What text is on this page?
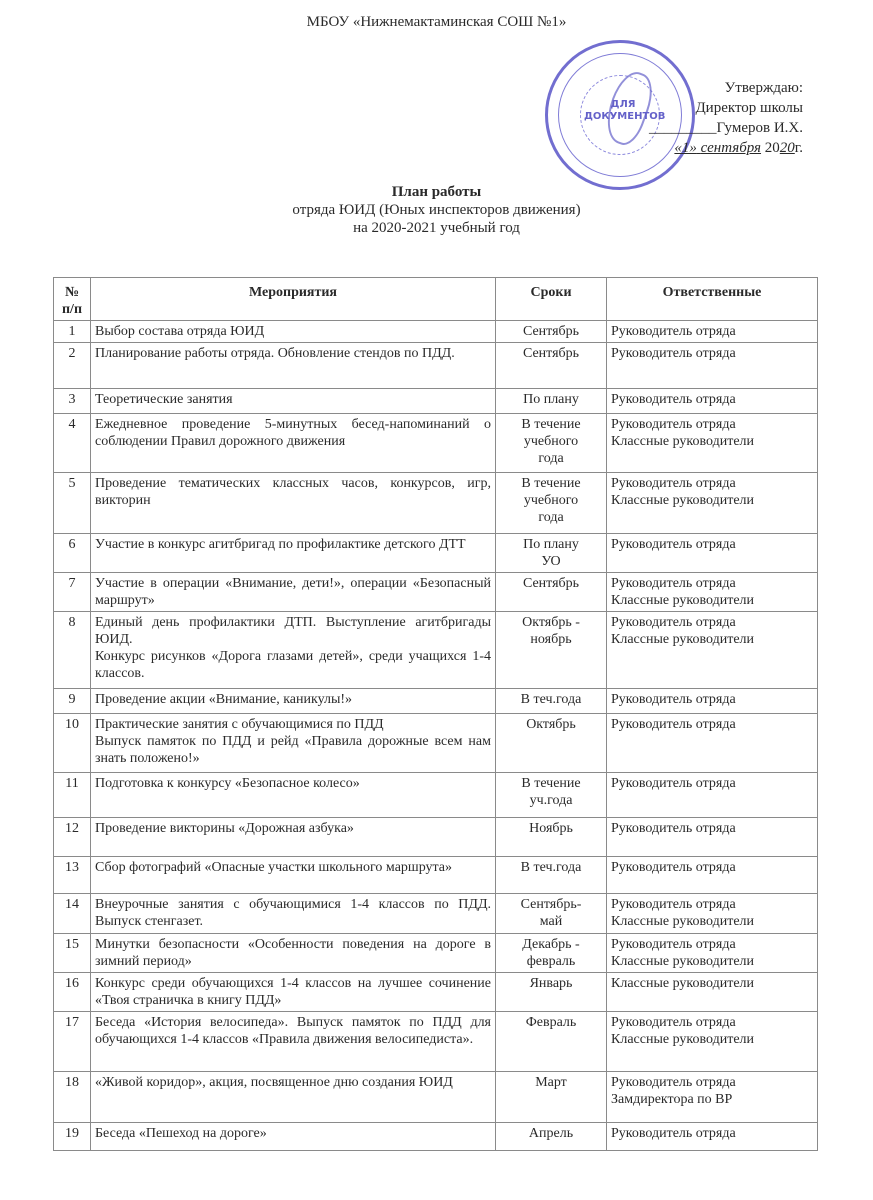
МБОУ «Нижнемактаминская СОШ №1»
ДЛЯ
ДОКУМЕНТОВ
Утверждаю:
Директор школы
_________Гумеров И.Х.
«1» сентября 2020г.
План работы
отряда ЮИД (Юных инспекторов движения)
на 2020-2021 учебный год
№ п/п	Мероприятия	Сроки	Ответственные
1	Выбор состава отряда ЮИД	Сентябрь	Руководитель отряда

2	Планирование работы отряда. Обновление стендов по ПДД.	Сентябрь	Руководитель отряда

3	Теоретические занятия	По плану	Руководитель отряда

4	Ежедневное проведение 5-минутных бесед-напоминаний о соблюдении Правил дорожного движения	В течение
учебного
года	Руководитель отряда
Классные руководители

5	Проведение тематических классных часов, конкурсов, игр, викторин	В течение
учебного
года	Руководитель отряда
Классные руководители

6	Участие в конкурс агитбригад по профилактике детского ДТТ	По плану
УО	Руководитель отряда

7	Участие в операции «Внимание, дети!», операции «Безопасный маршрут»	Сентябрь	Руководитель отряда
Классные руководители

8	Единый день профилактики ДТП. Выступление агитбригады ЮИД.
Конкурс рисунков «Дорога глазами детей», среди учащихся 1-4 классов.	Октябрь -
ноябрь	Руководитель отряда
Классные руководители

9	Проведение акции «Внимание, каникулы!»	В теч.года	Руководитель отряда

10	Практические занятия с обучающимися по ПДД
Выпуск памяток по ПДД и рейд «Правила дорожные всем нам знать положено!»	Октябрь	Руководитель отряда

11	Подготовка к конкурсу «Безопасное колесо»	В течение
уч.года	Руководитель отряда

12	Проведение викторины «Дорожная азбука»	Ноябрь	Руководитель отряда

13	Сбор фотографий «Опасные участки школьного маршрута»	В теч.года	Руководитель отряда

14	Внеурочные занятия с обучающимися 1-4 классов по ПДД. Выпуск стенгазет.	Сентябрь-
май	Руководитель отряда
Классные руководители

15	Минутки безопасности «Особенности поведения на дороге в зимний период»	Декабрь -
февраль	Руководитель отряда
Классные руководители

16	Конкурс среди обучающихся 1-4 классов на лучшее сочинение «Твоя страничка в книгу ПДД»	Январь	Классные руководители

17	Беседа «История велосипеда». Выпуск памяток по ПДД для обучающихся 1-4 классов «Правила движения велосипедиста».	Февраль	Руководитель отряда
Классные руководители

18	«Живой коридор», акция, посвященное дню создания ЮИД	Март	Руководитель отряда
Замдиректора по ВР

19	Беседа «Пешеход на дороге»	Апрель	Руководитель отряда
